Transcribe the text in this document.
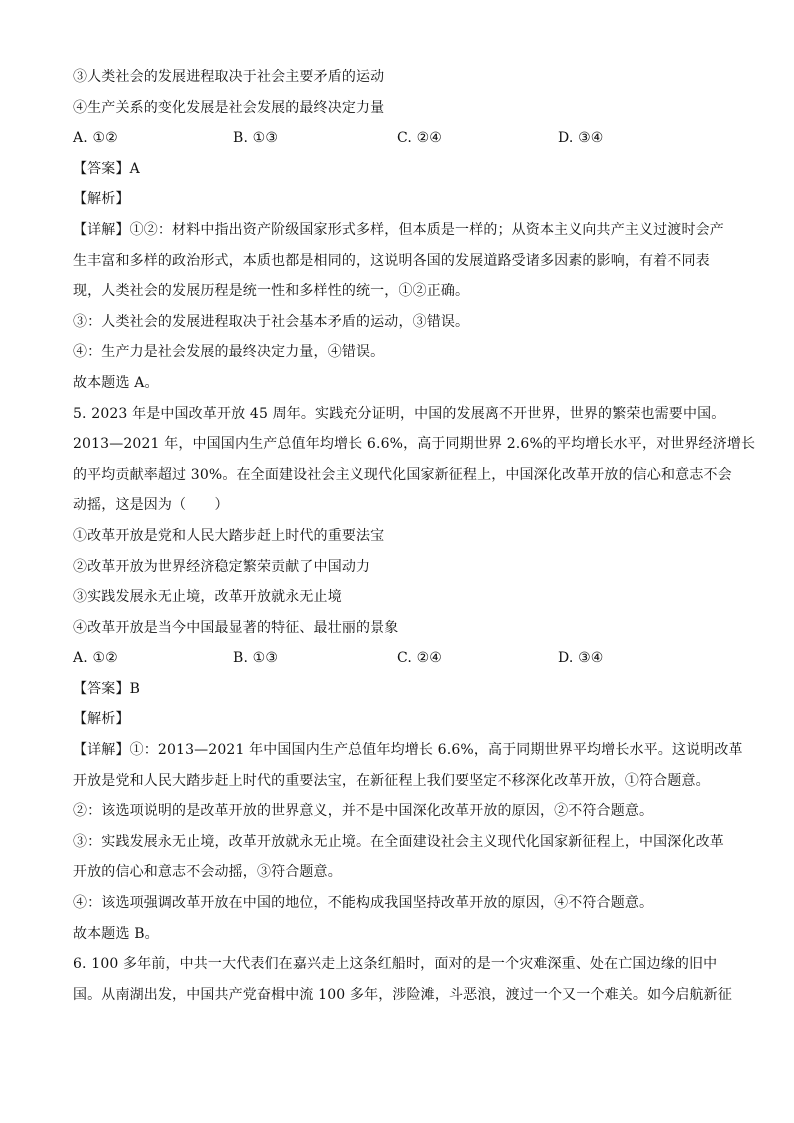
③人类社会的发展进程取决于社会主要矛盾的运动
④生产关系的变化发展是社会发展的最终决定力量
A. ①②	B. ①③	C. ②④	D. ③④
【答案】A
【解析】
【详解】①②：材料中指出资产阶级国家形式多样，但本质是一样的；从资本主义向共产主义过渡时会产
生丰富和多样的政治形式，本质也都是相同的，这说明各国的发展道路受诸多因素的影响，有着不同表
现，人类社会的发展历程是统一性和多样性的统一，①②正确。
③：人类社会的发展进程取决于社会基本矛盾的运动，③错误。
④：生产力是社会发展的最终决定力量，④错误。
故本题选 A。
5. 2023 年是中国改革开放 45 周年。实践充分证明，中国的发展离不开世界，世界的繁荣也需要中国。
2013—2021 年，中国国内生产总值年均增长 6.6%，高于同期世界 2.6%的平均增长水平，对世界经济增长
的平均贡献率超过 30%。在全面建设社会主义现代化国家新征程上，中国深化改革开放的信心和意志不会
动摇，这是因为（　　）
①改革开放是党和人民大踏步赶上时代的重要法宝
②改革开放为世界经济稳定繁荣贡献了中国动力
③实践发展永无止境，改革开放就永无止境
④改革开放是当今中国最显著的特征、最壮丽的景象
A. ①②	B. ①③	C. ②④	D. ③④
【答案】B
【解析】
【详解】①：2013—2021 年中国国内生产总值年均增长 6.6%，高于同期世界平均增长水平。这说明改革
开放是党和人民大踏步赶上时代的重要法宝，在新征程上我们要坚定不移深化改革开放，①符合题意。
②：该选项说明的是改革开放的世界意义，并不是中国深化改革开放的原因，②不符合题意。
③：实践发展永无止境，改革开放就永无止境。在全面建设社会主义现代化国家新征程上，中国深化改革
开放的信心和意志不会动摇，③符合题意。
④：该选项强调改革开放在中国的地位，不能构成我国坚持改革开放的原因，④不符合题意。
故本题选 B。
6. 100 多年前，中共一大代表们在嘉兴走上这条红船时，面对的是一个灾难深重、处在亡国边缘的旧中
国。从南湖出发，中国共产党奋楫中流 100 多年，涉险滩，斗恶浪，渡过一个又一个难关。如今启航新征
